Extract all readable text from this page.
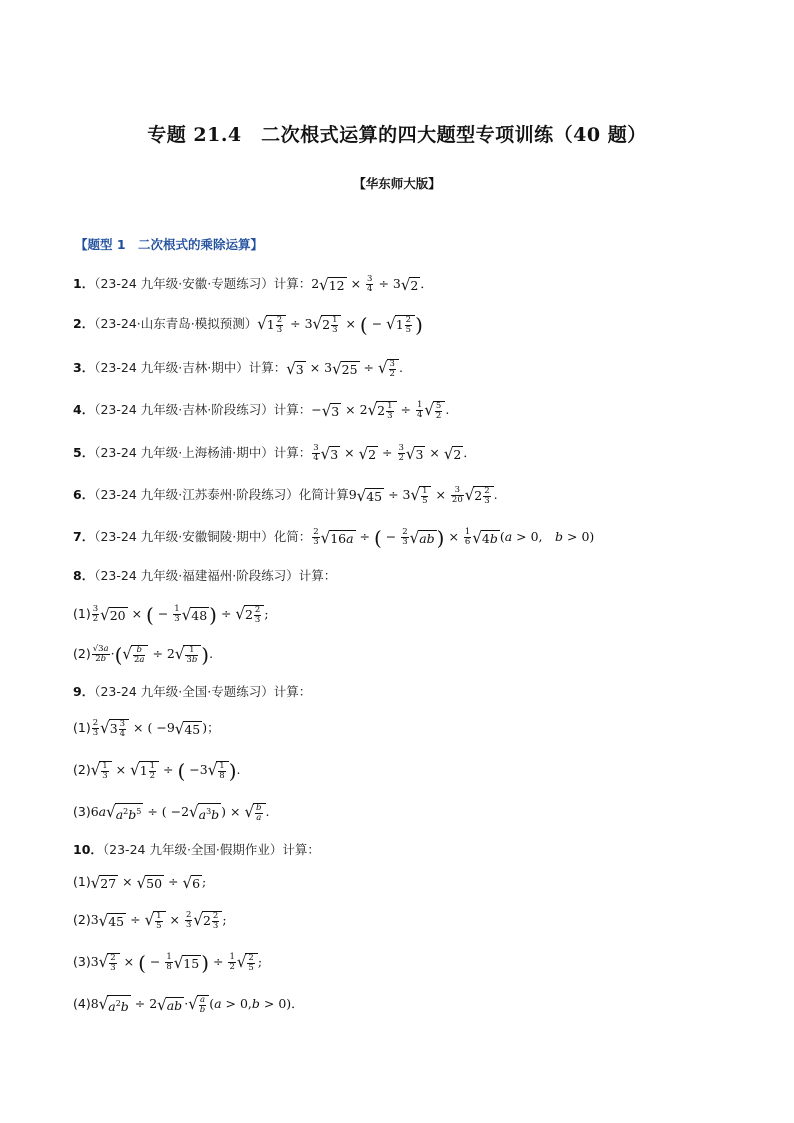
专题 21.4　二次根式运算的四大题型专项训练（40 题）
【华东师大版】
【题型 1　二次根式的乘除运算】
1．（23-24 九年级·安徽·专题练习）计算：$2√12 \times \frac{3}{4} \div 3√2$ ．
2．（23-24·山东青岛·模拟预测）$√1 \frac{2}{3} \div 3√2 \frac{1}{3}$ × ( − $√1 \frac{2}{5}$ )
3．（23-24 九年级·吉林·期中）计算：√3 × 3√25 ÷ √ $\frac{3}{2}$ .
4．（23-24 九年级·吉林·阶段练习）计算：$-√3 \times 2√2 \frac{1}{3} \div \frac{1}{4}$ √ $\frac{5}{2}$ .
5．（23-24 九年级·上海杨浦·期中）计算： $\frac{3}{4} √3 \times √2 \div \frac{3}{2} √3 \times √2$ ．
6．（23-24 九年级·江苏泰州·阶段练习）化简计算$9√45 \div 3√ \frac{1}{5} \times \frac{3}{20} √2 \frac{2}{3}$ .
7．（23-24 九年级·安徽铜陵·期中）化简： $\frac{2}{3} √16a$ ÷ ( − $\frac{2}{3} √ab$ ) × $\frac{1}{6} √4b$ (a > 0,　b > 0)
8．（23-24 九年级·福建福州·阶段练习）计算：
$(1) \frac{3}{2} √20$ × ( − $\frac{1}{3} √48$ ) ÷ $√2 \frac{2}{3}$ ;
$(2) \frac{√3a}{2b}$ ·(√ $\frac{b}{2a} \div 2√ \frac{1}{3b}$ ).
9．（23-24 九年级·全国·专题练习）计算：
$(1) \frac{2}{3} √3 \frac{3}{4}$ × ( −9√45 )；
$(2)√ \frac{1}{3} \times √1 \frac{1}{2}$ ÷ ( $-3√ \frac{1}{8}$ ).
$(3)6a√a^2b^5$ ÷ ( $-2√a^3b$ ) × √ $\frac{b}{a}$ .
10．（23-24 九年级·全国·假期作业）计算：
(1)√27 × √50 ÷ √6 ;
(2)3√45 ÷ √ $\frac{1}{5} \times \frac{2}{3} √2 \frac{2}{3}$ ;
$(3)3√ \frac{2}{3}$ × ( − $\frac{1}{8} √15$ ) ÷ $\frac{1}{2}$ √ $\frac{2}{5}$ ;
$(4)8√a^2b \div 2√ab$ ·√ $\frac{a}{b} (a > 0,b > 0)$．
